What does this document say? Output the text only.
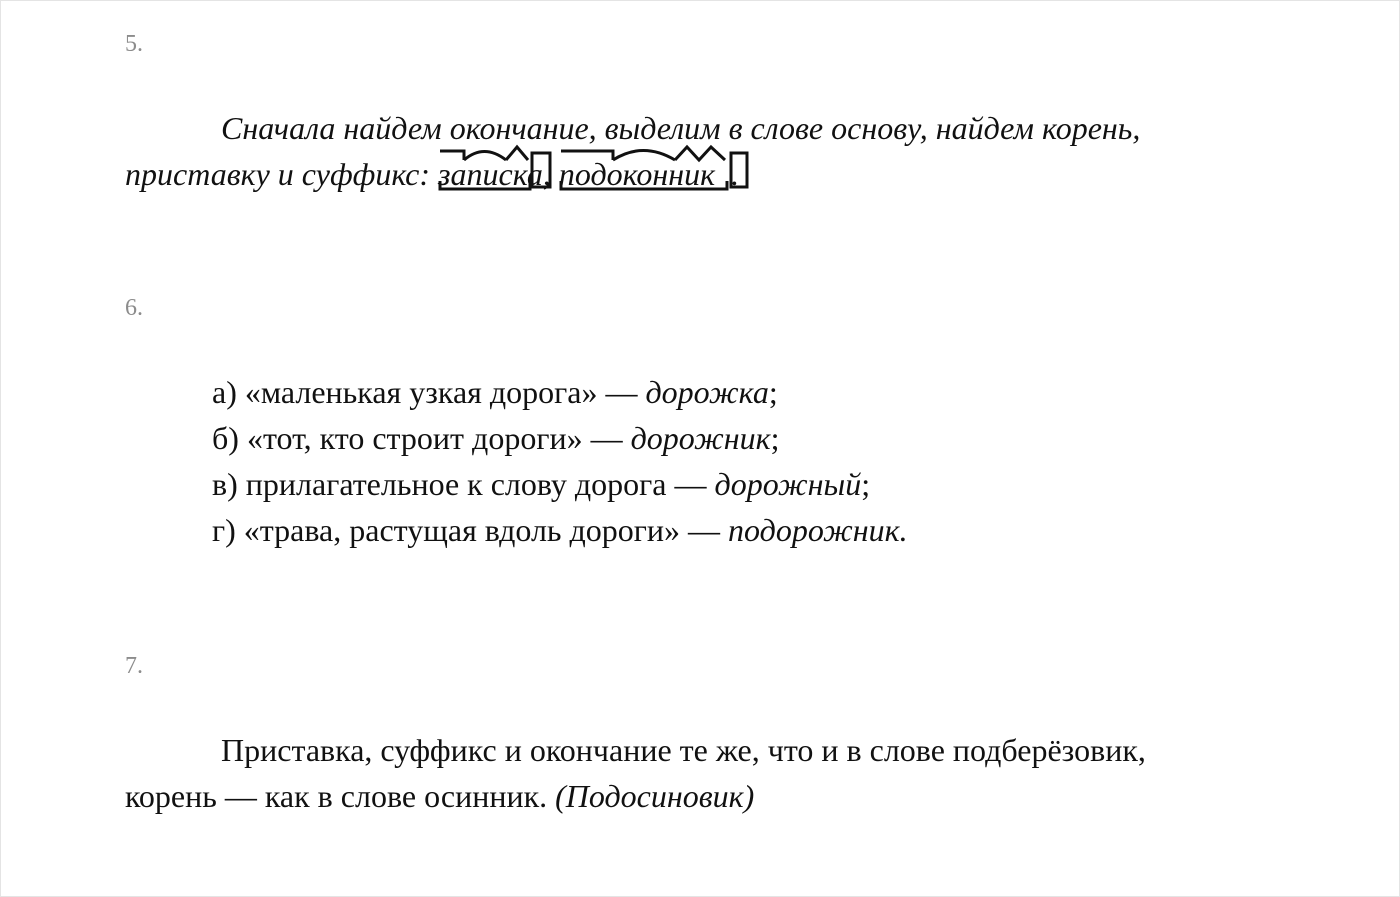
5.
Сначала найдем окончание, выделим в слове основу, найдем корень,
приставку и суффикс: записка
, подоконник
.
6.
а) «маленькая узкая дорога» — дорожка;
б) «тот, кто строит дороги» — дорожник;
в) прилагательное к слову дорога — дорожный;
г) «трава, растущая вдоль дороги» — подорожник.
7.
Приставка, суффикс и окончание те же, что и в слове подберёзовик,
корень — как в слове осинник. (Подосиновик)
